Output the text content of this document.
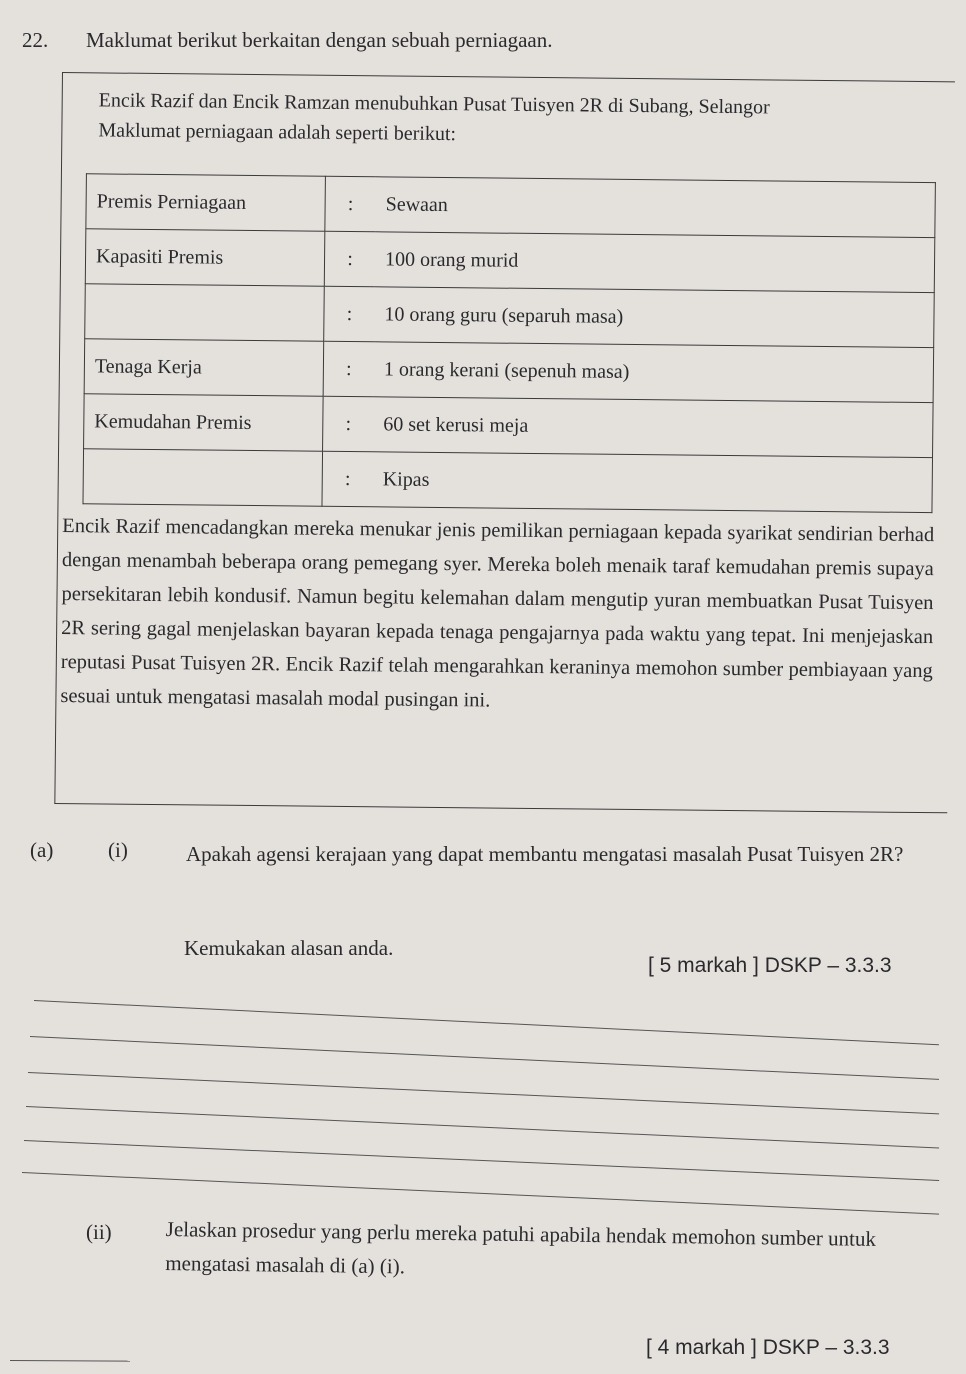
22. Maklumat berikut berkaitan dengan sebuah perniagaan.
Encik Razif dan Encik Ramzan menubuhkan Pusat Tuisyen 2R di Subang, Selangor
Maklumat perniagaan adalah seperti berikut:
Premis Perniagaan	:	Sewaan
Kapasiti Premis	:	100 orang murid
	:	10 orang guru (separuh masa)
Tenaga Kerja	:	1 orang kerani (sepenuh masa)
Kemudahan Premis	:	60 set kerusi meja
	:	Kipas
Encik Razif mencadangkan mereka menukar jenis pemilikan perniagaan kepada syarikat sendirian berhad dengan menambah beberapa orang pemegang syer. Mereka boleh menaik taraf kemudahan premis supaya persekitaran lebih kondusif. Namun begitu kelemahan dalam mengutip yuran membuatkan Pusat Tuisyen 2R sering gagal menjelaskan bayaran kepada tenaga pengajarnya pada waktu yang tepat. Ini menjejaskan reputasi Pusat Tuisyen 2R. Encik Razif telah mengarahkan keraninya memohon sumber pembiayaan yang sesuai untuk mengatasi masalah modal pusingan ini.
(a)	(i)	Apakah agensi kerajaan yang dapat membantu mengatasi masalah Pusat Tuisyen 2R?
Kemukakan alasan anda.
[ 5 markah ] DSKP – 3.3.3
(ii)	Jelaskan prosedur yang perlu mereka patuhi apabila hendak memohon sumber untuk mengatasi masalah di (a) (i).
[ 4 markah ] DSKP – 3.3.3
